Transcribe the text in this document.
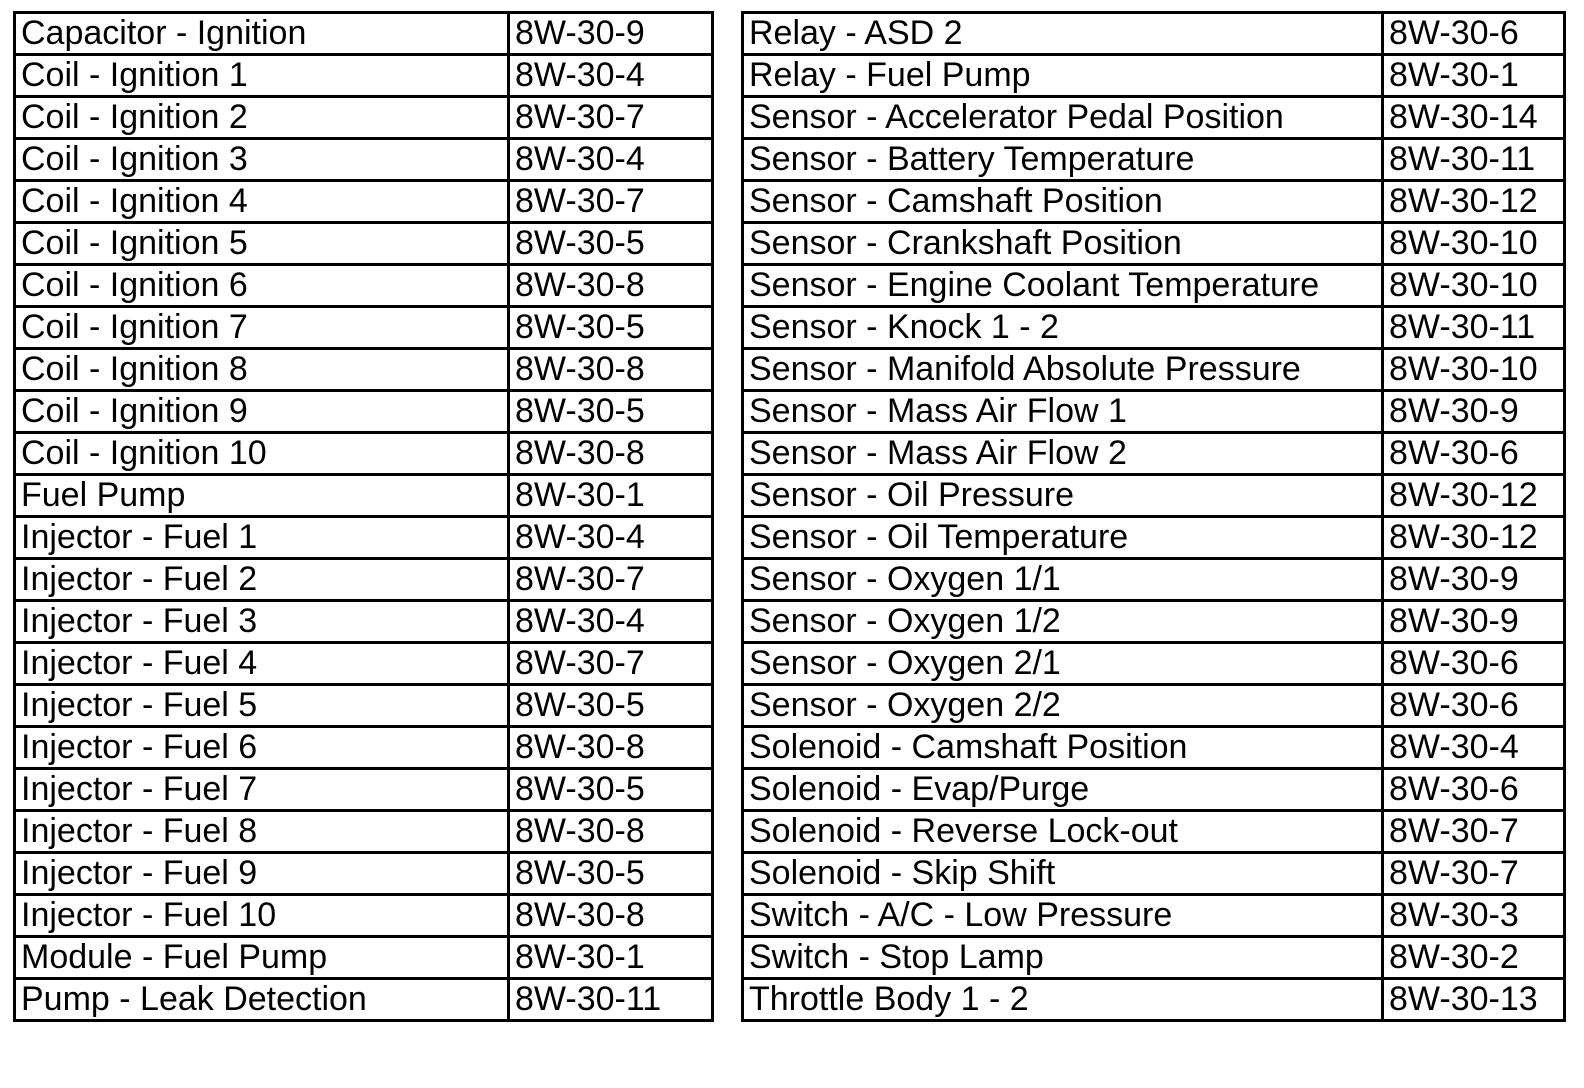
Capacitor - Ignition	8W-30-9
Coil - Ignition 1	8W-30-4
Coil - Ignition 2	8W-30-7
Coil - Ignition 3	8W-30-4
Coil - Ignition 4	8W-30-7
Coil - Ignition 5	8W-30-5
Coil - Ignition 6	8W-30-8
Coil - Ignition 7	8W-30-5
Coil - Ignition 8	8W-30-8
Coil - Ignition 9	8W-30-5
Coil - Ignition 10	8W-30-8
Fuel Pump	8W-30-1
Injector - Fuel 1	8W-30-4
Injector - Fuel 2	8W-30-7
Injector - Fuel 3	8W-30-4
Injector - Fuel 4	8W-30-7
Injector - Fuel 5	8W-30-5
Injector - Fuel 6	8W-30-8
Injector - Fuel 7	8W-30-5
Injector - Fuel 8	8W-30-8
Injector - Fuel 9	8W-30-5
Injector - Fuel 10	8W-30-8
Module - Fuel Pump	8W-30-1
Pump - Leak Detection	8W-30-11
Relay - ASD 2	8W-30-6
Relay - Fuel Pump	8W-30-1
Sensor - Accelerator Pedal Position	8W-30-14
Sensor - Battery Temperature	8W-30-11
Sensor - Camshaft Position	8W-30-12
Sensor - Crankshaft Position	8W-30-10
Sensor - Engine Coolant Temperature	8W-30-10
Sensor - Knock 1 - 2	8W-30-11
Sensor - Manifold Absolute Pressure	8W-30-10
Sensor - Mass Air Flow 1	8W-30-9
Sensor - Mass Air Flow 2	8W-30-6
Sensor - Oil Pressure	8W-30-12
Sensor - Oil Temperature	8W-30-12
Sensor - Oxygen 1/1	8W-30-9
Sensor - Oxygen 1/2	8W-30-9
Sensor - Oxygen 2/1	8W-30-6
Sensor - Oxygen 2/2	8W-30-6
Solenoid - Camshaft Position	8W-30-4
Solenoid - Evap/Purge	8W-30-6
Solenoid - Reverse Lock-out	8W-30-7
Solenoid - Skip Shift	8W-30-7
Switch - A/C - Low Pressure	8W-30-3
Switch - Stop Lamp	8W-30-2
Throttle Body 1 - 2	8W-30-13
